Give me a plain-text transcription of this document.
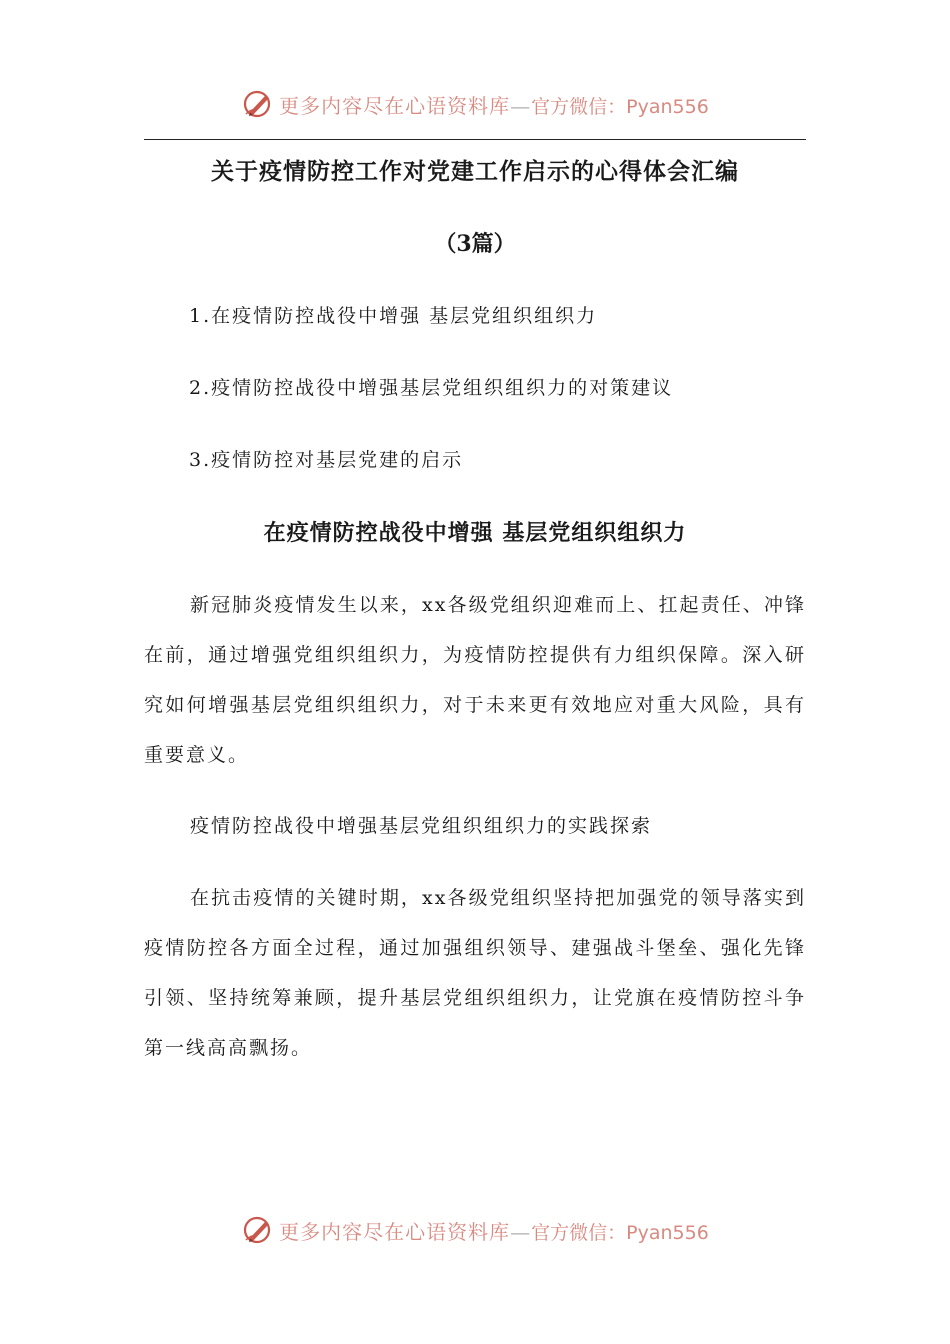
更多内容尽在心语资料库—官方微信：Pyan556
关于疫情防控工作对党建工作启示的心得体会汇编
（3篇）
1.在疫情防控战役中增强 基层党组织组织力
2.疫情防控战役中增强基层党组织组织力的对策建议
3.疫情防控对基层党建的启示
在疫情防控战役中增强 基层党组织组织力

新冠肺炎疫情发生以来，xx各级党组织迎难而上、扛起责任、冲锋在前，通过增强党组织组织力，为疫情防控提供有力组织保障。深入研究如何增强基层党组织组织力，对于未来更有效地应对重大风险，具有重要意义。

疫情防控战役中增强基层党组织组织力的实践探索

在抗击疫情的关键时期，xx各级党组织坚持把加强党的领导落实到疫情防控各方面全过程，通过加强组织领导、建强战斗堡垒、强化先锋引领、坚持统筹兼顾，提升基层党组织组织力，让党旗在疫情防控斗争第一线高高飘扬。

更多内容尽在心语资料库—官方微信：Pyan556
